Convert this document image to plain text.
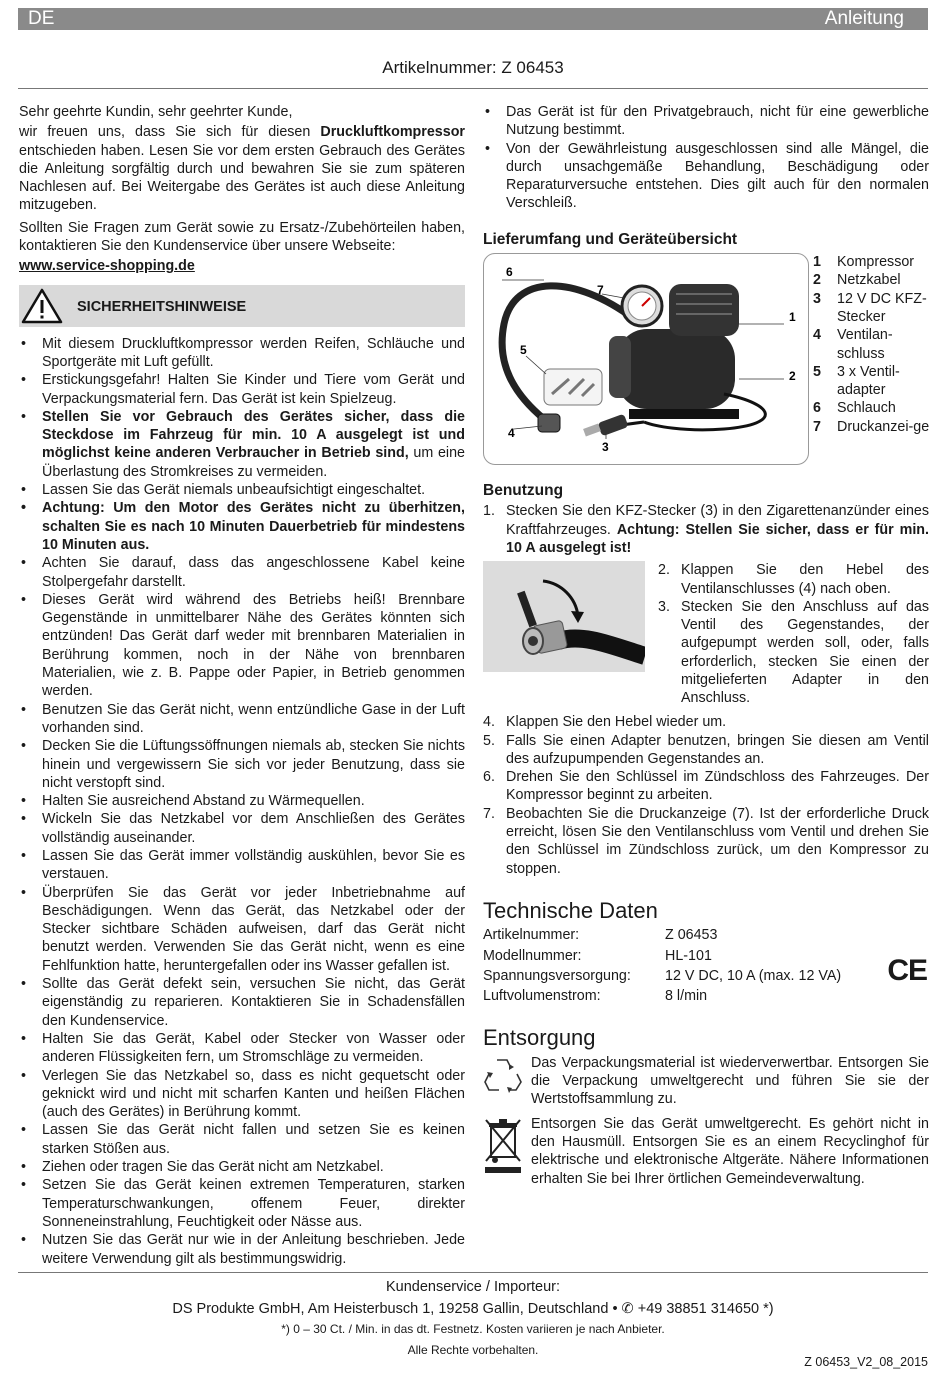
DE	Anleitung
Artikelnummer: Z 06453

Sehr geehrte Kundin, sehr geehrter Kunde,

wir freuen uns, dass Sie sich für diesen Druckluftkompressor entschieden haben. Lesen Sie vor dem ersten Gebrauch des Gerätes die Anleitung sorgfältig durch und bewahren Sie sie zum späteren Nachlesen auf. Bei Weitergabe des Gerätes ist auch diese Anleitung mitzugeben.

Sollten Sie Fragen zum Gerät sowie zu Ersatz-/Zubehörteilen haben, kontaktieren Sie den Kundenservice über unsere Webseite:

www.service-shopping.de

SICHERHEITSHINWEISE
• Mit diesem Druckluftkompressor werden Reifen, Schläuche und Sportgeräte mit Luft gefüllt.
• Erstickungsgefahr! Halten Sie Kinder und Tiere vom Gerät und Verpackungsmaterial fern. Das Gerät ist kein Spielzeug.
• Stellen Sie vor Gebrauch des Gerätes sicher, dass die Steckdose im Fahrzeug für min. 10 A ausgelegt ist und möglichst keine anderen Verbraucher in Betrieb sind, um eine Überlastung des Stromkreises zu vermeiden.
• Lassen Sie das Gerät niemals unbeaufsichtigt eingeschaltet.
• Achtung: Um den Motor des Gerätes nicht zu überhitzen, schalten Sie es nach 10 Minuten Dauerbetrieb für mindestens 10 Minuten aus.
• Achten Sie darauf, dass das angeschlossene Kabel keine Stolpergefahr darstellt.
• Dieses Gerät wird während des Betriebs heiß! Brennbare Gegenstände in unmittelbarer Nähe des Gerätes könnten sich entzünden! Das Gerät darf weder mit brennbaren Materialien in Berührung kommen, noch in der Nähe von brennbaren Materialien, wie z. B. Pappe oder Papier, in Betrieb genommen werden.
• Benutzen Sie das Gerät nicht, wenn entzündliche Gase in der Luft vorhanden sind.
• Decken Sie die Lüftungssöffnungen niemals ab, stecken Sie nichts hinein und vergewissern Sie sich vor jeder Benutzung, dass sie nicht verstopft sind.
• Halten Sie ausreichend Abstand zu Wärmequellen.
• Wickeln Sie das Netzkabel vor dem Anschließen des Gerätes vollständig auseinander.
• Lassen Sie das Gerät immer vollständig auskühlen, bevor Sie es verstauen.
• Überprüfen Sie das Gerät vor jeder Inbetriebnahme auf Beschädigungen. Wenn das Gerät, das Netzkabel oder der Stecker sichtbare Schäden aufweisen, darf das Gerät nicht benutzt werden. Verwenden Sie das Gerät nicht, wenn es eine Fehlfunktion hatte, heruntergefallen oder ins Wasser gefallen ist.
• Sollte das Gerät defekt sein, versuchen Sie nicht, das Gerät eigenständig zu reparieren. Kontaktieren Sie in Schadensfällen den Kundenservice.
• Halten Sie das Gerät, Kabel oder Stecker von Wasser oder anderen Flüssigkeiten fern, um Stromschläge zu vermeiden.
• Verlegen Sie das Netzkabel so, dass es nicht gequetscht oder geknickt wird und nicht mit scharfen Kanten und heißen Flächen (auch des Gerätes) in Berührung kommt.
• Lassen Sie das Gerät nicht fallen und setzen Sie es keinen starken Stößen aus.
• Ziehen oder tragen Sie das Gerät nicht am Netzkabel.
• Setzen Sie das Gerät keinen extremen Temperaturen, starken Temperaturschwankungen, offenem Feuer, direkter Sonneneinstrahlung, Feuchtigkeit oder Nässe aus.
• Nutzen Sie das Gerät nur wie in der Anleitung beschrieben. Jede weitere Verwendung gilt als bestimmungswidrig.
• Das Gerät ist für den Privatgebrauch, nicht für eine gewerbliche Nutzung bestimmt.
• Von der Gewährleistung ausgeschlossen sind alle Mängel, die durch unsachgemäße Behandlung, Beschädigung oder Reparaturversuche entstehen. Dies gilt auch für den normalen Verschleiß.
Lieferumfang und Geräteübersicht
6
7
1
2
5
4
3
1 Kompressor
2 Netzkabel
3 12 V DC KFZ-Stecker
4 Ventilan-schluss
5 3 x Ventil-adapter
6 Schlauch
7 Druckanzei-ge
Benutzung
1. Stecken Sie den KFZ-Stecker (3) in den Zigarettenanzünder eines Kraftfahrzeuges. Achtung: Stellen Sie sicher, dass er für min. 10 A ausgelegt ist!
2. Klappen Sie den Hebel des Ventilanschlusses (4) nach oben.
3. Stecken Sie den Anschluss auf das Ventil des Gegenstandes, der aufgepumpt werden soll, oder, falls erforderlich, stecken Sie einen der mitgelieferten Adapter in den Anschluss.
4. Klappen Sie den Hebel wieder um.
5. Falls Sie einen Adapter benutzen, bringen Sie diesen am Ventil des aufzupumpenden Gegenstandes an.
6. Drehen Sie den Schlüssel im Zündschloss des Fahrzeuges. Der Kompressor beginnt zu arbeiten.
7. Beobachten Sie die Druckanzeige (7). Ist der erforderliche Druck erreicht, lösen Sie den Ventilanschluss vom Ventil und drehen Sie den Schlüssel im Zündschloss zurück, um den Kompressor zu stoppen.
Technische Daten
Artikelnummer:	Z 06453
Modellnummer:	HL-101
Spannungsversorgung:	12 V DC, 10 A (max. 12 VA)
Luftvolumenstrom:	8 l/min
CE
Entsorgung
Das Verpackungsmaterial ist wiederverwertbar. Entsorgen Sie die Verpackung umweltgerecht und führen Sie sie der Wertstoffsammlung zu.
Entsorgen Sie das Gerät umweltgerecht. Es gehört nicht in den Hausmüll. Entsorgen Sie es an einem Recyclinghof für elektrische und elektronische Altgeräte. Nähere Informationen erhalten Sie bei Ihrer örtlichen Gemeindeverwaltung.
Kundenservice / Importeur:
DS Produkte GmbH, Am Heisterbusch 1, 19258 Gallin, Deutschland • ✆ +49 38851 314650 *)
*) 0 – 30 Ct. / Min. in das dt. Festnetz. Kosten variieren je nach Anbieter.
Alle Rechte vorbehalten.
Z 06453_V2_08_2015
